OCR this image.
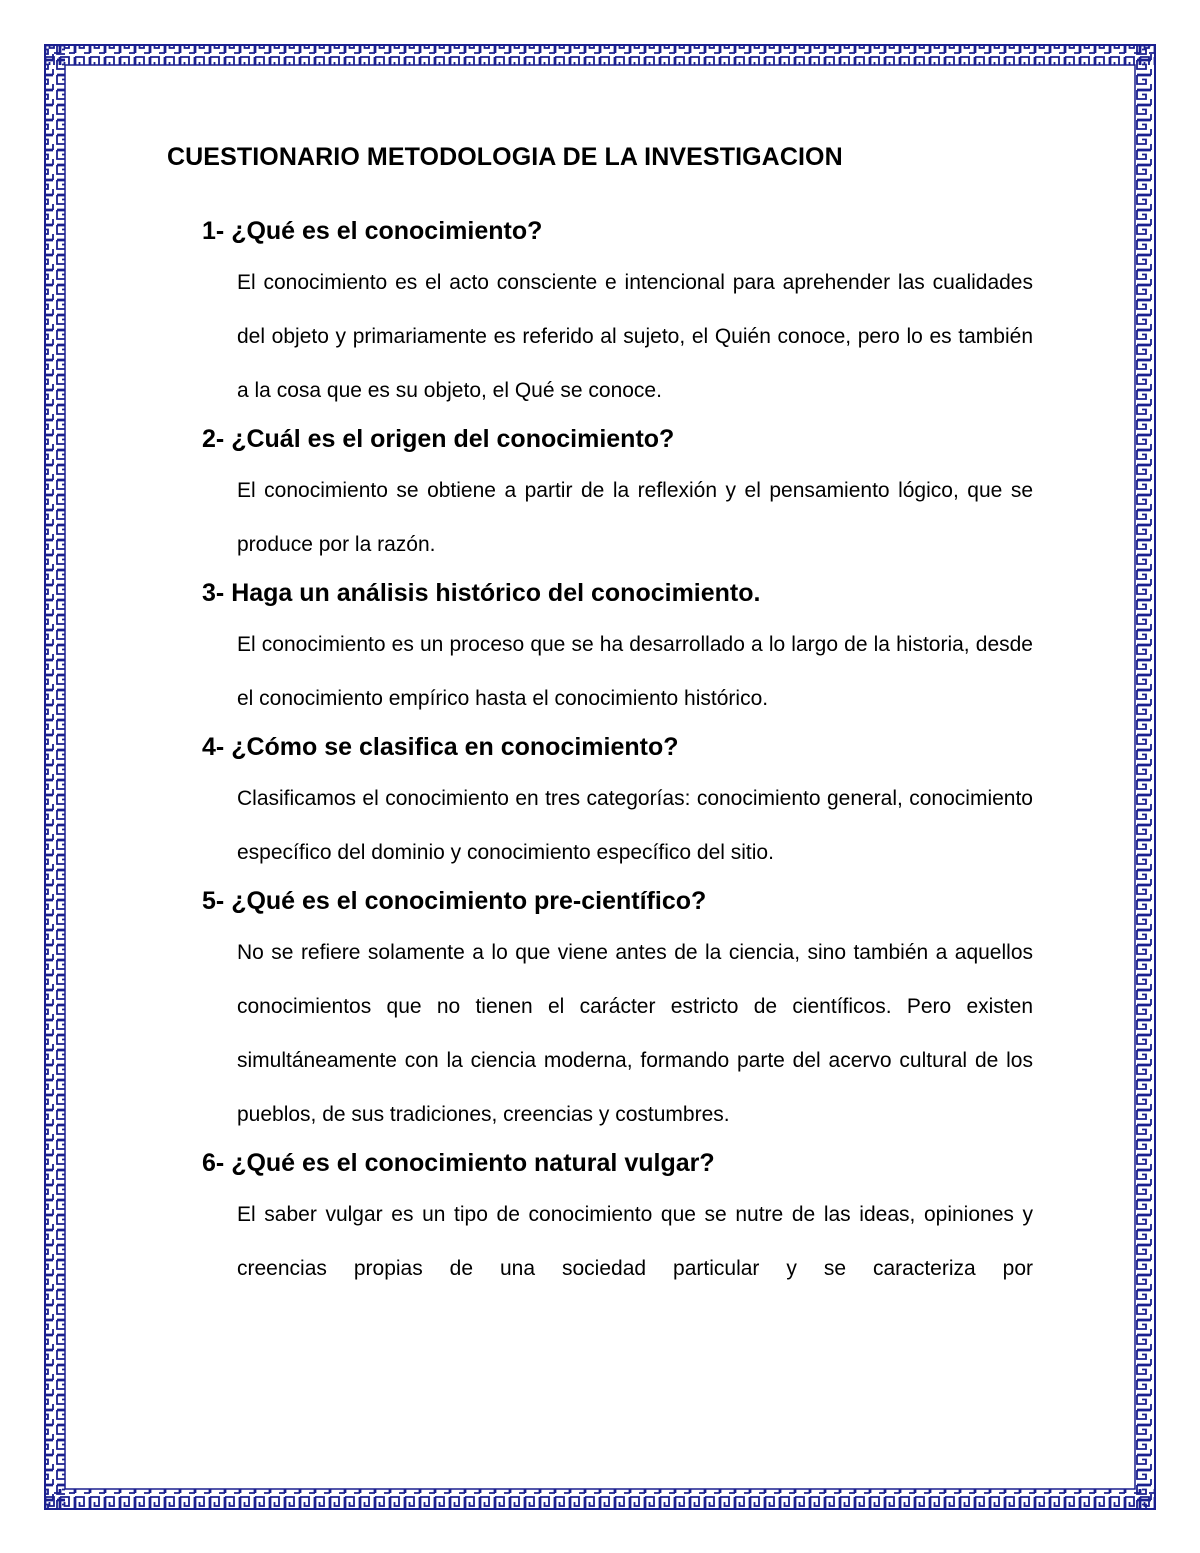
CUESTIONARIO METODOLOGIA DE LA INVESTIGACION
1-
¿Qué es el conocimiento?
El conocimiento es el acto consciente e intencional para aprehender las cualidades del objeto y primariamente es referido al sujeto, el Quién conoce, pero lo es también a la cosa que es su objeto, el Qué se conoce.
2-
¿Cuál es el origen del conocimiento?
El conocimiento se obtiene a partir de la reflexión y el pensamiento lógico, que se produce por la razón.
3-
Haga un análisis histórico del conocimiento.
El conocimiento es un proceso que se ha desarrollado a lo largo de la historia, desde el conocimiento empírico hasta el conocimiento histórico.
4-
¿Cómo se clasifica en conocimiento?
Clasificamos el conocimiento en tres categorías: conocimiento general, conocimiento específico del dominio y conocimiento específico del sitio.
5-
¿Qué es el conocimiento pre-científico?
No se refiere solamente a lo que viene antes de la ciencia, sino también a aquellos conocimientos que no tienen el carácter estricto de científicos. Pero existen simultáneamente con la ciencia moderna, formando parte del acervo cultural de los pueblos, de sus tradiciones, creencias y costumbres.
6-
¿Qué es el conocimiento natural vulgar?
El saber vulgar es un tipo de conocimiento que se nutre de las ideas, opiniones y creencias propias de una sociedad particular y se caracteriza por
